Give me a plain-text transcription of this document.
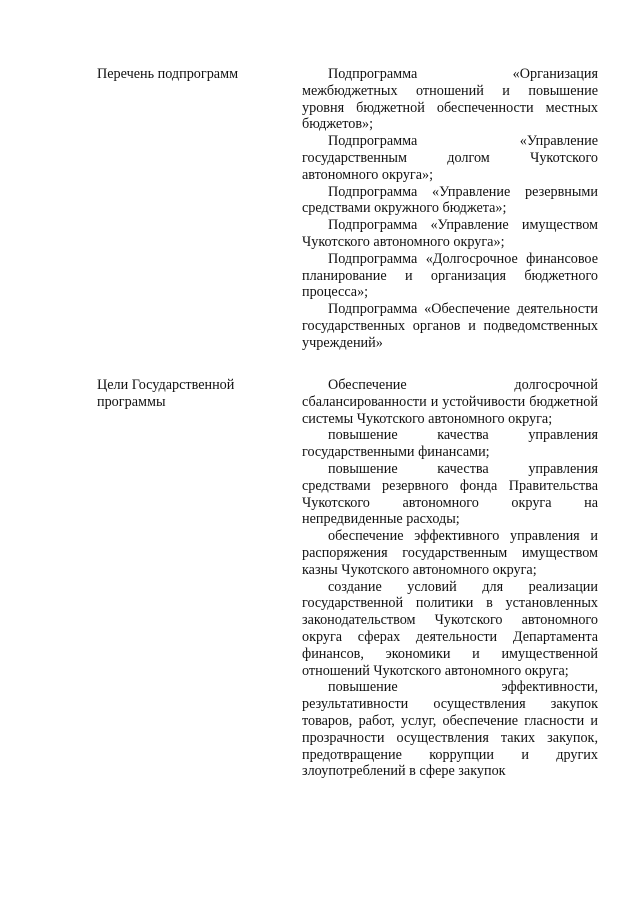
Перечень подпрограмм	Подпрограмма «Организация межбюджетных отношений и повышение уровня бюджетной обеспеченности местных бюджетов»;

Подпрограмма «Управление государственным долгом Чукотского автономного округа»;

Подпрограмма «Управление резервными средствами окружного бюджета»;

Подпрограмма «Управление имуществом Чукотского автономного округа»;

Подпрограмма «Долгосрочное финансовое планирование и организация бюджетного процесса»;

Подпрограмма «Обеспечение деятельности государственных органов и подведомственных учреждений»

Цели Государственной программы

Обеспечение долгосрочной сбалансированности и устойчивости бюджетной системы Чукотского автономного округа;

повышение качества управления государственными финансами;

повышение качества управления средствами резервного фонда Правительства Чукотского автономного округа на непредвиденные расходы;

обеспечение эффективного управления и распоряжения государственным имуществом казны Чукотского автономного округа;

создание условий для реализации государственной политики в установленных законодательством Чукотского автономного округа сферах деятельности Департамента финансов, экономики и имущественной отношений Чукотского автономного округа;

повышение эффективности, результативности осуществления закупок товаров, работ, услуг, обеспечение гласности и прозрачности осуществления таких закупок, предотвращение коррупции и других злоупотреблений в сфере закупок
